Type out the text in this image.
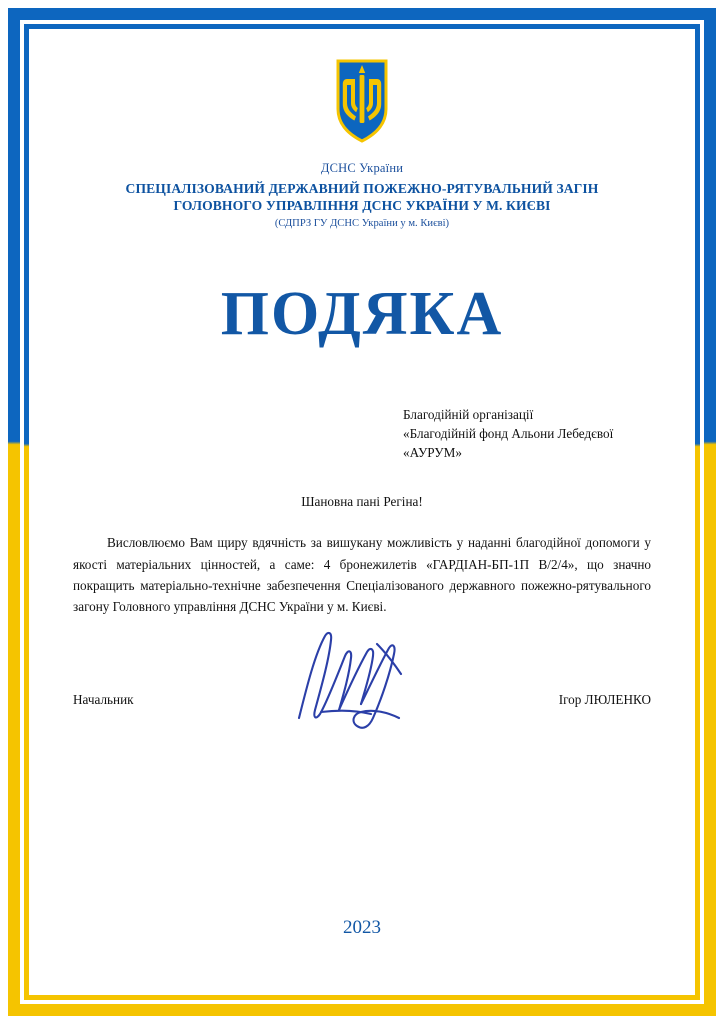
ДСНС України
СПЕЦІАЛІЗОВАНИЙ ДЕРЖАВНИЙ ПОЖЕЖНО-РЯТУВАЛЬНИЙ ЗАГІН
ГОЛОВНОГО УПРАВЛІННЯ ДСНС УКРАЇНИ У М. КИЄВІ
(СДПРЗ ГУ ДСНС України у м. Києві)
ПОДЯКА
Благодійній організації
«Благодійній фонд Альони Лебедєвої
«АУРУМ»
Шановна пані Регіна!
Висловлюємо Вам щиру вдячність за вишукану можливість у наданні благодійної допомоги у якості матеріальних цінностей, а саме: 4 бронежилетів «ГАРДІАН-БП-1П В/2/4», що значно покращить матеріально-технічне забезпечення Спеціалізованого державного пожежно-рятувального загону Головного управління ДСНС України у м. Києві.
Начальник	Ігор ЛЮЛЕНКО
2023
